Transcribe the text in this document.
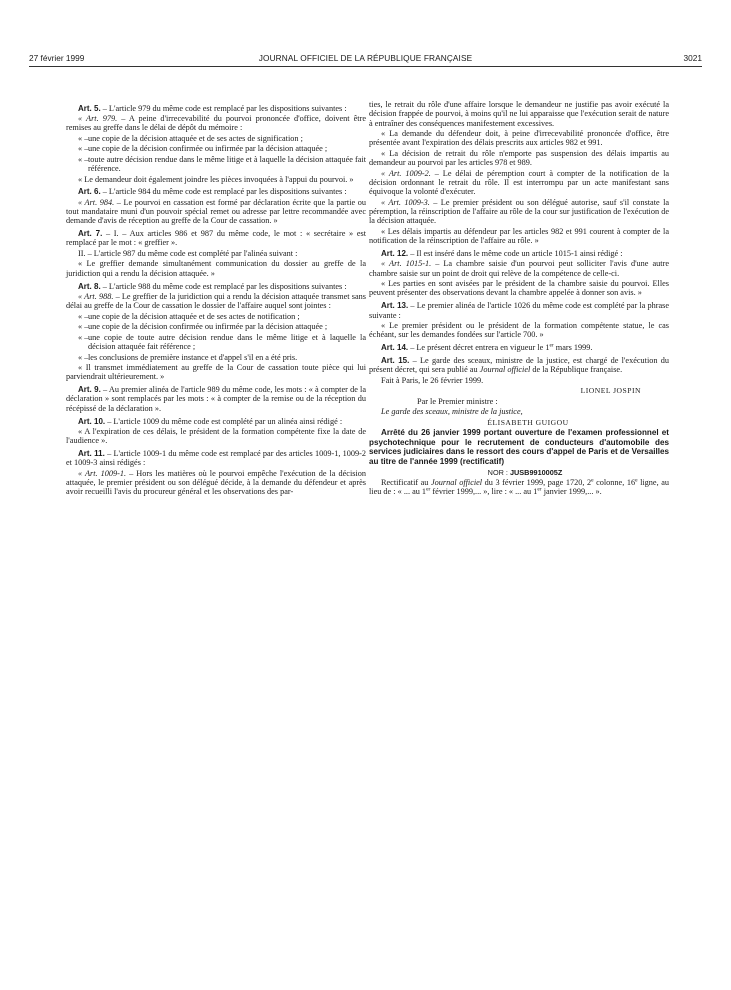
27 février 1999	JOURNAL OFFICIEL DE LA RÉPUBLIQUE FRANÇAISE	3021

Art. 5. – L'article 979 du même code est remplacé par les dispositions suivantes :

« Art. 979. – A peine d'irrecevabilité du pourvoi prononcée d'office, doivent être remises au greffe dans le délai de dépôt du mémoire :

« – une copie de la décision attaquée et de ses actes de signification ;

« – une copie de la décision confirmée ou infirmée par la décision attaquée ;

« – toute autre décision rendue dans le même litige et à laquelle la décision attaquée fait référence.

« Le demandeur doit également joindre les pièces invoquées à l'appui du pourvoi. »

Art. 6. – L'article 984 du même code est remplacé par les dispositions suivantes :

« Art. 984. – Le pourvoi en cassation est formé par déclaration écrite que la partie ou tout mandataire muni d'un pouvoir spécial remet ou adresse par lettre recommandée avec demande d'avis de réception au greffe de la Cour de cassation. »

Art. 7. – I. – Aux articles 986 et 987 du même code, le mot : « secrétaire » est remplacé par le mot : « greffier ».

II. – L'article 987 du même code est complété par l'alinéa suivant :

« Le greffier demande simultanément communication du dossier au greffe de la juridiction qui a rendu la décision attaquée. »

Art. 8. – L'article 988 du même code est remplacé par les dispositions suivantes :

« Art. 988. – Le greffier de la juridiction qui a rendu la décision attaquée transmet sans délai au greffe de la Cour de cassation le dossier de l'affaire auquel sont jointes :

« – une copie de la décision attaquée et de ses actes de notification ;

« – une copie de la décision confirmée ou infirmée par la décision attaquée ;

« – une copie de toute autre décision rendue dans le même litige et à laquelle la décision attaquée fait référence ;

« – les conclusions de première instance et d'appel s'il en a été pris.

« Il transmet immédiatement au greffe de la Cour de cassation toute pièce qui lui parviendrait ultérieurement. »

Art. 9. – Au premier alinéa de l'article 989 du même code, les mots : « à compter de la déclaration » sont remplacés par les mots : « à compter de la remise ou de la réception du récépissé de la déclaration ».

Art. 10. – L'article 1009 du même code est complété par un alinéa ainsi rédigé :

« A l'expiration de ces délais, le président de la formation compétente fixe la date de l'audience ».

Art. 11. – L'article 1009-1 du même code est remplacé par des articles 1009-1, 1009-2 et 1009-3 ainsi rédigés :

« Art. 1009-1. – Hors les matières où le pourvoi empêche l'exécution de la décision attaquée, le premier président ou son délégué décide, à la demande du défendeur et après avoir recueilli l'avis du procureur général et les observations des par-

ties, le retrait du rôle d'une affaire lorsque le demandeur ne justifie pas avoir exécuté la décision frappée de pourvoi, à moins qu'il ne lui apparaisse que l'exécution serait de nature à entraîner des conséquences manifestement excessives.

« La demande du défendeur doit, à peine d'irrecevabilité prononcée d'office, être présentée avant l'expiration des délais prescrits aux articles 982 et 991.

« La décision de retrait du rôle n'emporte pas suspension des délais impartis au demandeur au pourvoi par les articles 978 et 989.

« Art. 1009-2. – Le délai de péremption court à compter de la notification de la décision ordonnant le retrait du rôle. Il est interrompu par un acte manifestant sans équivoque la volonté d'exécuter.

« Art. 1009-3. – Le premier président ou son délégué autorise, sauf s'il constate la péremption, la réinscription de l'affaire au rôle de la cour sur justification de l'exécution de la décision attaquée.

« Les délais impartis au défendeur par les articles 982 et 991 courent à compter de la notification de la réinscription de l'affaire au rôle. »

Art. 12. – Il est inséré dans le même code un article 1015-1 ainsi rédigé :

« Art. 1015-1. – La chambre saisie d'un pourvoi peut solliciter l'avis d'une autre chambre saisie sur un point de droit qui relève de la compétence de celle-ci.

« Les parties en sont avisées par le président de la chambre saisie du pourvoi. Elles peuvent présenter des observations devant la chambre appelée à donner son avis. »

Art. 13. – Le premier alinéa de l'article 1026 du même code est complété par la phrase suivante :

« Le premier président ou le président de la formation compétente statue, le cas échéant, sur les demandes fondées sur l'article 700. »

Art. 14. – Le présent décret entrera en vigueur le 1er mars 1999.

Art. 15. – Le garde des sceaux, ministre de la justice, est chargé de l'exécution du présent décret, qui sera publié au Journal officiel de la République française.

Fait à Paris, le 26 février 1999.

LIONEL JOSPIN

Par le Premier ministre :

Le garde des sceaux, ministre de la justice,

ÉLISABETH GUIGOU

Arrêté du 26 janvier 1999 portant ouverture de l'examen professionnel et psychotechnique pour le recrutement de conducteurs d'automobile des services judiciaires dans le ressort des cours d'appel de Paris et de Versailles au titre de l'année 1999 (rectificatif)

NOR : JUSB9910005Z

Rectificatif au Journal officiel du 3 février 1999, page 1720, 2e colonne, 16e ligne, au lieu de : « ... au 1er février 1999,... », lire : « ... au 1er janvier 1999,... ».
